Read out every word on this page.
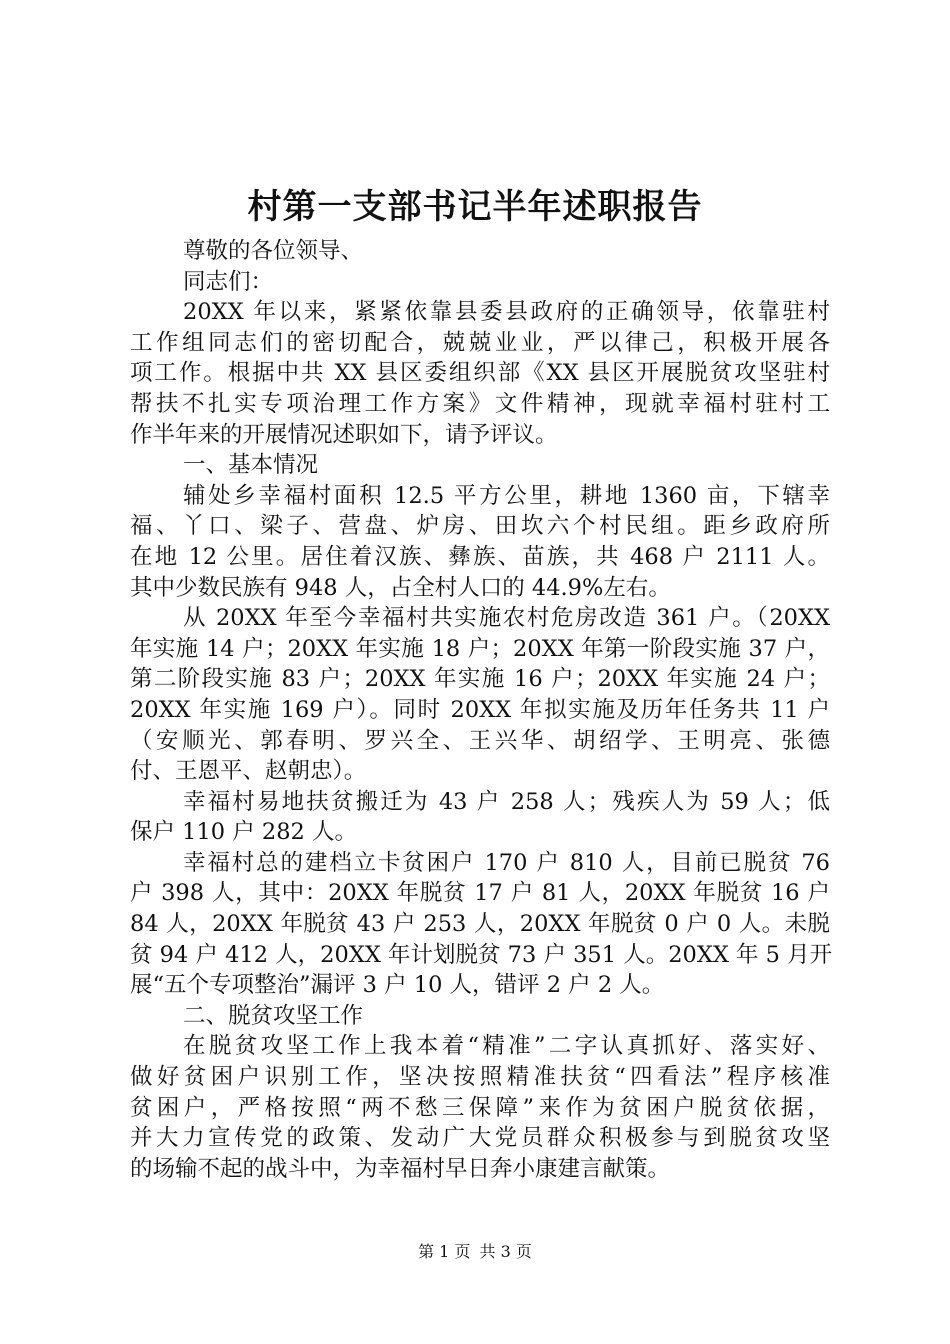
村第一支部书记半年述职报告
尊敬的各位领导、
同志们：
20XX 年以来，紧紧依靠县委县政府的正确领导，依靠驻村
工作组同志们的密切配合，兢兢业业，严以律己，积极开展各
项工作。根据中共 XX 县区委组织部《XX 县区开展脱贫攻坚驻村
帮扶不扎实专项治理工作方案》文件精神，现就幸福村驻村工
作半年来的开展情况述职如下，请予评议。
一、基本情况
辅处乡幸福村面积 12.5 平方公里，耕地 1360 亩，下辖幸
福、丫口、梁子、营盘、炉房、田坎六个村民组。距乡政府所
在地 12 公里。居住着汉族、彝族、苗族，共 468 户 2111 人。
其中少数民族有 948 人，占全村人口的 44.9%左右。
从 20XX 年至今幸福村共实施农村危房改造 361 户。（20XX
年实施 14 户；20XX 年实施 18 户；20XX 年第一阶段实施 37 户，
第二阶段实施 83 户；20XX 年实施 16 户；20XX 年实施 24 户；
20XX 年实施 169 户）。同时 20XX 年拟实施及历年任务共 11 户
（安顺光、郭春明、罗兴全、王兴华、胡绍学、王明亮、张德
付、王恩平、赵朝忠）。
幸福村易地扶贫搬迁为 43 户 258 人；残疾人为 59 人；低
保户 110 户 282 人。
幸福村总的建档立卡贫困户 170 户 810 人，目前已脱贫 76
户 398 人，其中：20XX 年脱贫 17 户 81 人，20XX 年脱贫 16 户
84 人，20XX 年脱贫 43 户 253 人，20XX 年脱贫 0 户 0 人。未脱
贫 94 户 412 人，20XX 年计划脱贫 73 户 351 人。20XX 年 5 月开
展“五个专项整治”漏评 3 户 10 人，错评 2 户 2 人。
二、脱贫攻坚工作
在脱贫攻坚工作上我本着“精准”二字认真抓好、落实好、
做好贫困户识别工作，坚决按照精准扶贫“四看法”程序核准
贫困户，严格按照“两不愁三保障”来作为贫困户脱贫依据，
并大力宣传党的政策、发动广大党员群众积极参与到脱贫攻坚
的场输不起的战斗中，为幸福村早日奔小康建言献策。
第 1 页 共 3 页
